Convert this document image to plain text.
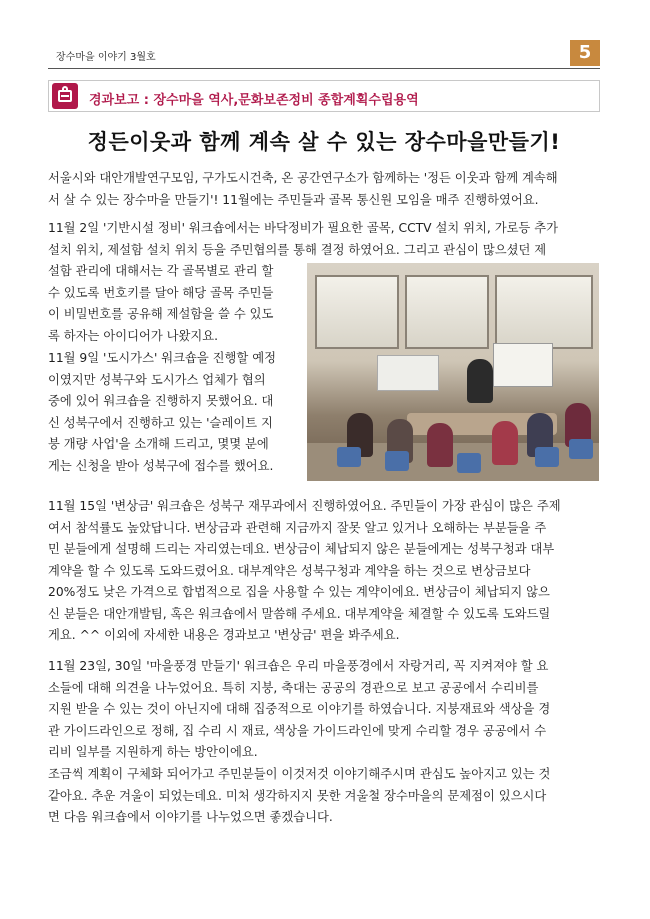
장수마을 이야기 3월호	5
경과보고 : 장수마을 역사,문화보존정비 종합계획수립용역
정든이웃과 함께 계속 살 수 있는 장수마을만들기!
서울시와 대안개발연구모임, 구가도시건축, 온 공간연구소가 함께하는 '정든 이웃과 함께 계속해
서 살 수 있는 장수마을 만들기'! 11월에는 주민들과 골목 통신원 모임을 매주 진행하였어요.
11월 2일 '기반시설 정비' 워크숍에서는 바닥정비가 필요한 골목, CCTV 설치 위치, 가로등 추가
설치 위치, 제설함 설치 위치 등을 주민협의를 통해 결정 하였어요. 그리고 관심이 많으셨던 제
설함 관리에 대해서는 각 골목별로 관리 할
수 있도록 번호키를 달아 해당 골목 주민들
이 비밀번호를 공유해 제설함을 쓸 수 있도
록 하자는 아이디어가 나왔지요.
11월 9일 '도시가스' 워크숍을 진행할 예정
이였지만 성북구와 도시가스 업체가 협의
중에 있어 워크숍을 진행하지 못했어요. 대
신 성북구에서 진행하고 있는 '슬레이트 지
붕 개량 사업'을 소개해 드리고, 몇몇 분에
게는 신청을 받아 성북구에 접수를 했어요.
11월 15일 '변상금' 워크숍은 성북구 재무과에서 진행하였어요. 주민들이 가장 관심이 많은 주제
여서 참석률도 높았답니다. 변상금과 관련해 지금까지 잘못 알고 있거나 오해하는 부분들을 주
민 분들에게 설명해 드리는 자리였는데요. 변상금이 체납되지 않은 분들에게는 성북구청과 대부
계약을 할 수 있도록 도와드렸어요. 대부계약은 성북구청과 계약을 하는 것으로 변상금보다
20%정도 낮은 가격으로 합법적으로 집을 사용할 수 있는 계약이에요. 변상금이 체납되지 않으
신 분들은 대안개발팀, 혹은 워크숍에서 말씀해 주세요. 대부계약을 체결할 수 있도록 도와드릴
게요. ^^ 이외에 자세한 내용은 경과보고 '변상금' 편을 봐주세요.
11월 23일, 30일 '마을풍경 만들기' 워크숍은 우리 마을풍경에서 자랑거리, 꼭 지켜져야 할 요
소들에 대해 의견을 나누었어요. 특히 지붕, 축대는 공공의 경관으로 보고 공공에서 수리비를
지원 받을 수 있는 것이 아닌지에 대해 집중적으로 이야기를 하였습니다. 지붕재료와 색상을 경
관 가이드라인으로 정해, 집 수리 시 재료, 색상을 가이드라인에 맞게 수리할 경우 공공에서 수
리비 일부를 지원하게 하는 방안이에요.
조금씩 계획이 구체화 되어가고 주민분들이 이것저것 이야기해주시며 관심도 높아지고 있는 것
같아요. 추운 겨울이 되었는데요. 미처 생각하지지 못한 겨울철 장수마을의 문제점이 있으시다
면 다음 워크숍에서 이야기를 나누었으면 좋겠습니다.
